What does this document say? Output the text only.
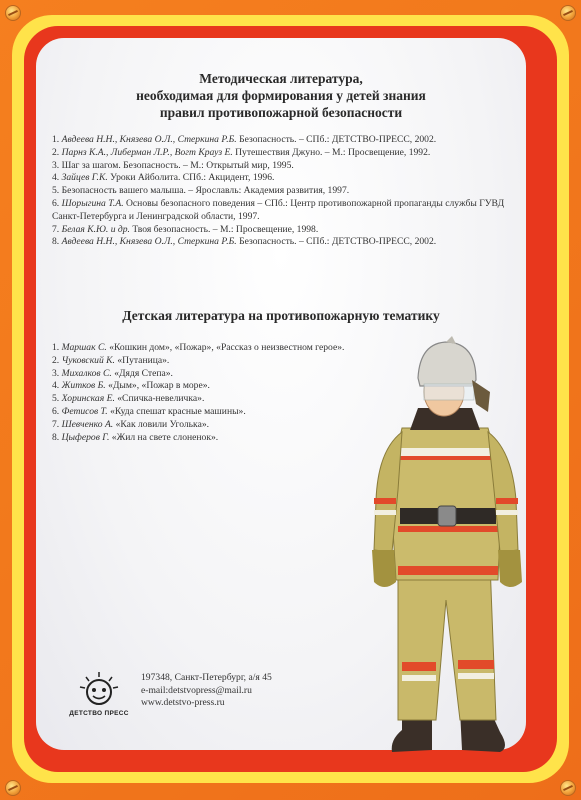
Методическая литература,
необходимая для формирования у детей знания
правил противопожарной безопасности
1. Авдеева Н.Н., Князева О.Л., Стеркина Р.Б. Безопасность. – СПб.: ДЕТСТВО-ПРЕСС, 2002.
2. Парнз К.А., Либерман Л.Р., Вогт Крауз Е. Путешествия Джуно. – М.: Просвещение, 1992.
3. Шаг за шагом. Безопасность. – М.: Открытый мир, 1995.
4. Зайцев Г.К. Уроки Айболита. СПб.: Акцидент, 1996.
5. Безопасность вашего малыша. – Ярославль: Академия развития, 1997.
6. Шорыгина Т.А. Основы безопасного поведения – СПб.: Центр противопожарной пропаганды службы ГУВД Санкт-Петербурга и Ленинградской области, 1997.
7. Белая К.Ю. и др. Твоя безопасность. – М.: Просвещение, 1998.
8. Авдеева Н.Н., Князева О.Л., Стеркина Р.Б. Безопасность. – СПб.: ДЕТСТВО-ПРЕСС, 2002.
Детская литература на противопожарную тематику
1. Маршак С. «Кошкин дом», «Пожар», «Рассказ о неизвестном герое».
2. Чуковский К. «Путаница».
3. Михалков С. «Дядя Степа».
4. Житков Б. «Дым», «Пожар в море».
5. Хоринская Е. «Спичка-невеличка».
6. Фетисов Т. «Куда спешат красные машины».
7. Шевченко А. «Как ловили Уголька».
8. Цыферов Г. «Жил на свете слоненок».
ДЕТСТВО ПРЕСС
197348, Санкт-Петербург, а/я 45
e-mail:detstvopress@mail.ru
www.detstvo-press.ru
